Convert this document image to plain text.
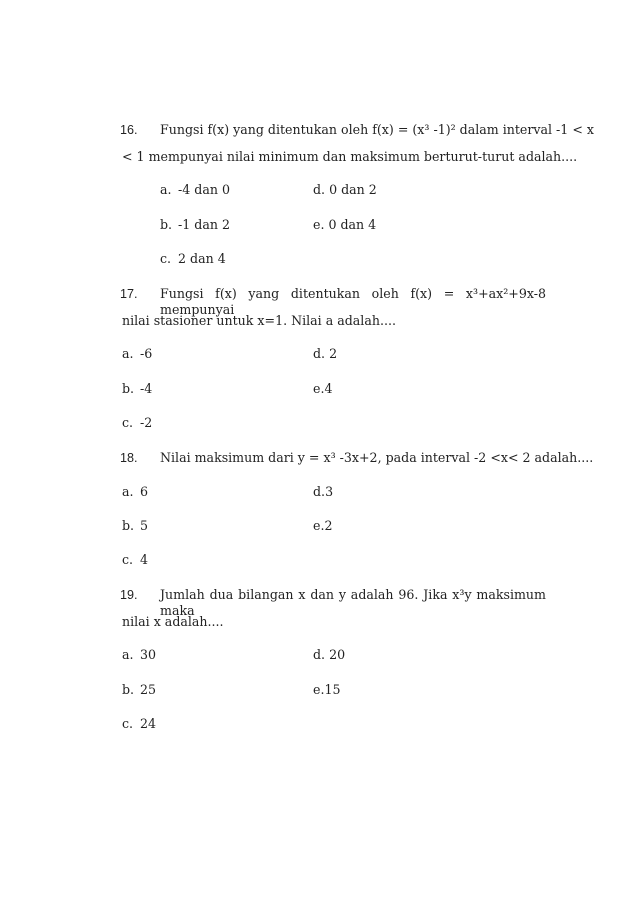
16. Fungsi f(x) yang ditentukan oleh f(x) = (x³ -1)² dalam interval -1 < x
< 1 mempunyai nilai minimum dan maksimum berturut-turut adalah....
a. -4 dan 0
b. -1 dan 2
c. 2 dan 4
d. 0 dan 2
e. 0 dan 4
17. Fungsi f(x) yang ditentukan oleh f(x) = x³+ax²+9x-8 mempunyai
nilai stasioner untuk x=1. Nilai a adalah....
a. -6
b. -4
c. -2
d. 2
e.4
18. Nilai maksimum dari y = x³ -3x+2, pada interval -2 <x< 2 adalah....
a. 6
b. 5
c. 4
d.3
e.2
19. Jumlah dua bilangan x dan y adalah 96. Jika x³y maksimum maka
nilai x adalah....
a. 30
b. 25
c. 24
d. 20
e.15
